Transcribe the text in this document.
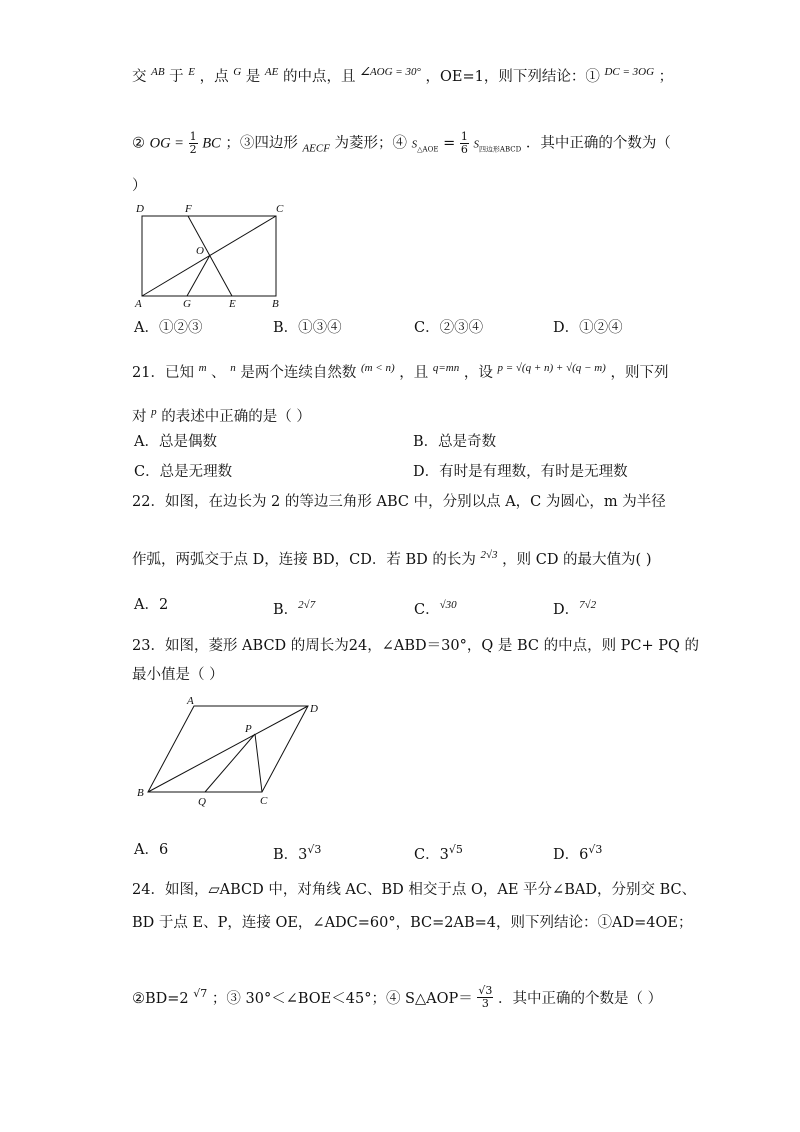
交 $^{AB}$ 于 $^E$ ，点 $^G$ 是 $^{AE}$ 的中点，且 $^{\angle AOG = 30^\circ}$ ，OE=1，则下列结论：① $^{DC = 3OG}$ ；
② OG = $\frac{1}{2}$ BC ；③四边形 $_{AECF}$ 为菱形；④ $S_{\triangle AOE} = \frac{1}{6} S_{四边形ABCD}$ ．其中正确的个数为（
）
D	F	C
O
A	G	E	B
A．①②③	B．①③④	C．②③④	D．①②④
21．已知 $^m$ 、 $^n$ 是两个连续自然数 $^{(m < n)}$ ，且 $^{q=mn}$ ，设 $^{p = √(q + n) + √(q - m)}$ ，则下列
对 $^p$ 的表述中正确的是（ ）
A．总是偶数	B．总是奇数
C．总是无理数	D．有时是有理数，有时是无理数
22．如图，在边长为 2 的等边三角形 ABC 中，分别以点 A，C 为圆心，m 为半径
作弧，两弧交于点 D，连接 BD，CD．若 BD 的长为 $^{2√3}$ ，则 CD 的最大值为( )
A．2	B．$^{2√7}$	C．$^{√30}$	D．$^{7√2}$
23．如图，菱形 ABCD 的周长为24，∠ABD＝30°，Q 是 BC 的中点，则 PC+ PQ 的
最小值是（ ）
A
D
P
B
Q	C
A．6	B．$3^{√3}$	C．$3^{√5}$	D．$6^{√3}$
24．如图，▱ABCD 中，对角线 AC、BD 相交于点 O，AE 平分∠BAD，分别交 BC、
BD 于点 E、P，连接 OE，∠ADC=60°，BC=2AB=4，则下列结论：①AD=4OE；
②BD=2 $^{√7}$ ；③ 30°＜∠BOE＜45°；④ S△AOP＝ $\frac{√3}{3}$ ．其中正确的个数是（ ）
